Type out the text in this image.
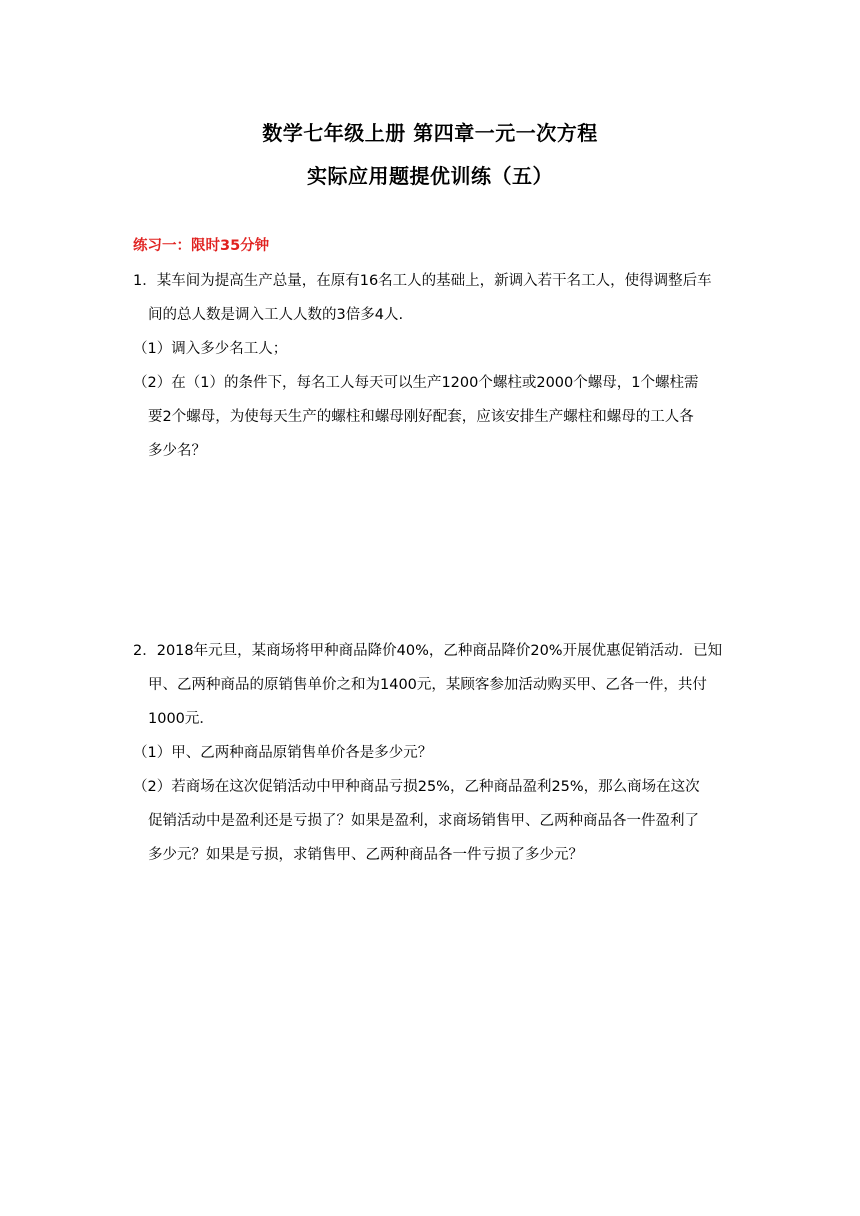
数学七年级上册 第四章一元一次方程
实际应用题提优训练（五）
练习一：限时35分钟
1．某车间为提高生产总量，在原有16名工人的基础上，新调入若干名工人，使得调整后车
间的总人数是调入工人人数的3倍多4人.
（1）调入多少名工人；
（2）在（1）的条件下，每名工人每天可以生产1200个螺柱或2000个螺母，1个螺柱需
要2个螺母，为使每天生产的螺柱和螺母刚好配套，应该安排生产螺柱和螺母的工人各
多少名？
2．2018年元旦，某商场将甲种商品降价40%，乙种商品降价20%开展优惠促销活动．已知
甲、乙两种商品的原销售单价之和为1400元，某顾客参加活动购买甲、乙各一件，共付
1000元．
（1）甲、乙两种商品原销售单价各是多少元？
（2）若商场在这次促销活动中甲种商品亏损25%，乙种商品盈利25%，那么商场在这次
促销活动中是盈利还是亏损了？如果是盈利，求商场销售甲、乙两种商品各一件盈利了
多少元？如果是亏损，求销售甲、乙两种商品各一件亏损了多少元？
